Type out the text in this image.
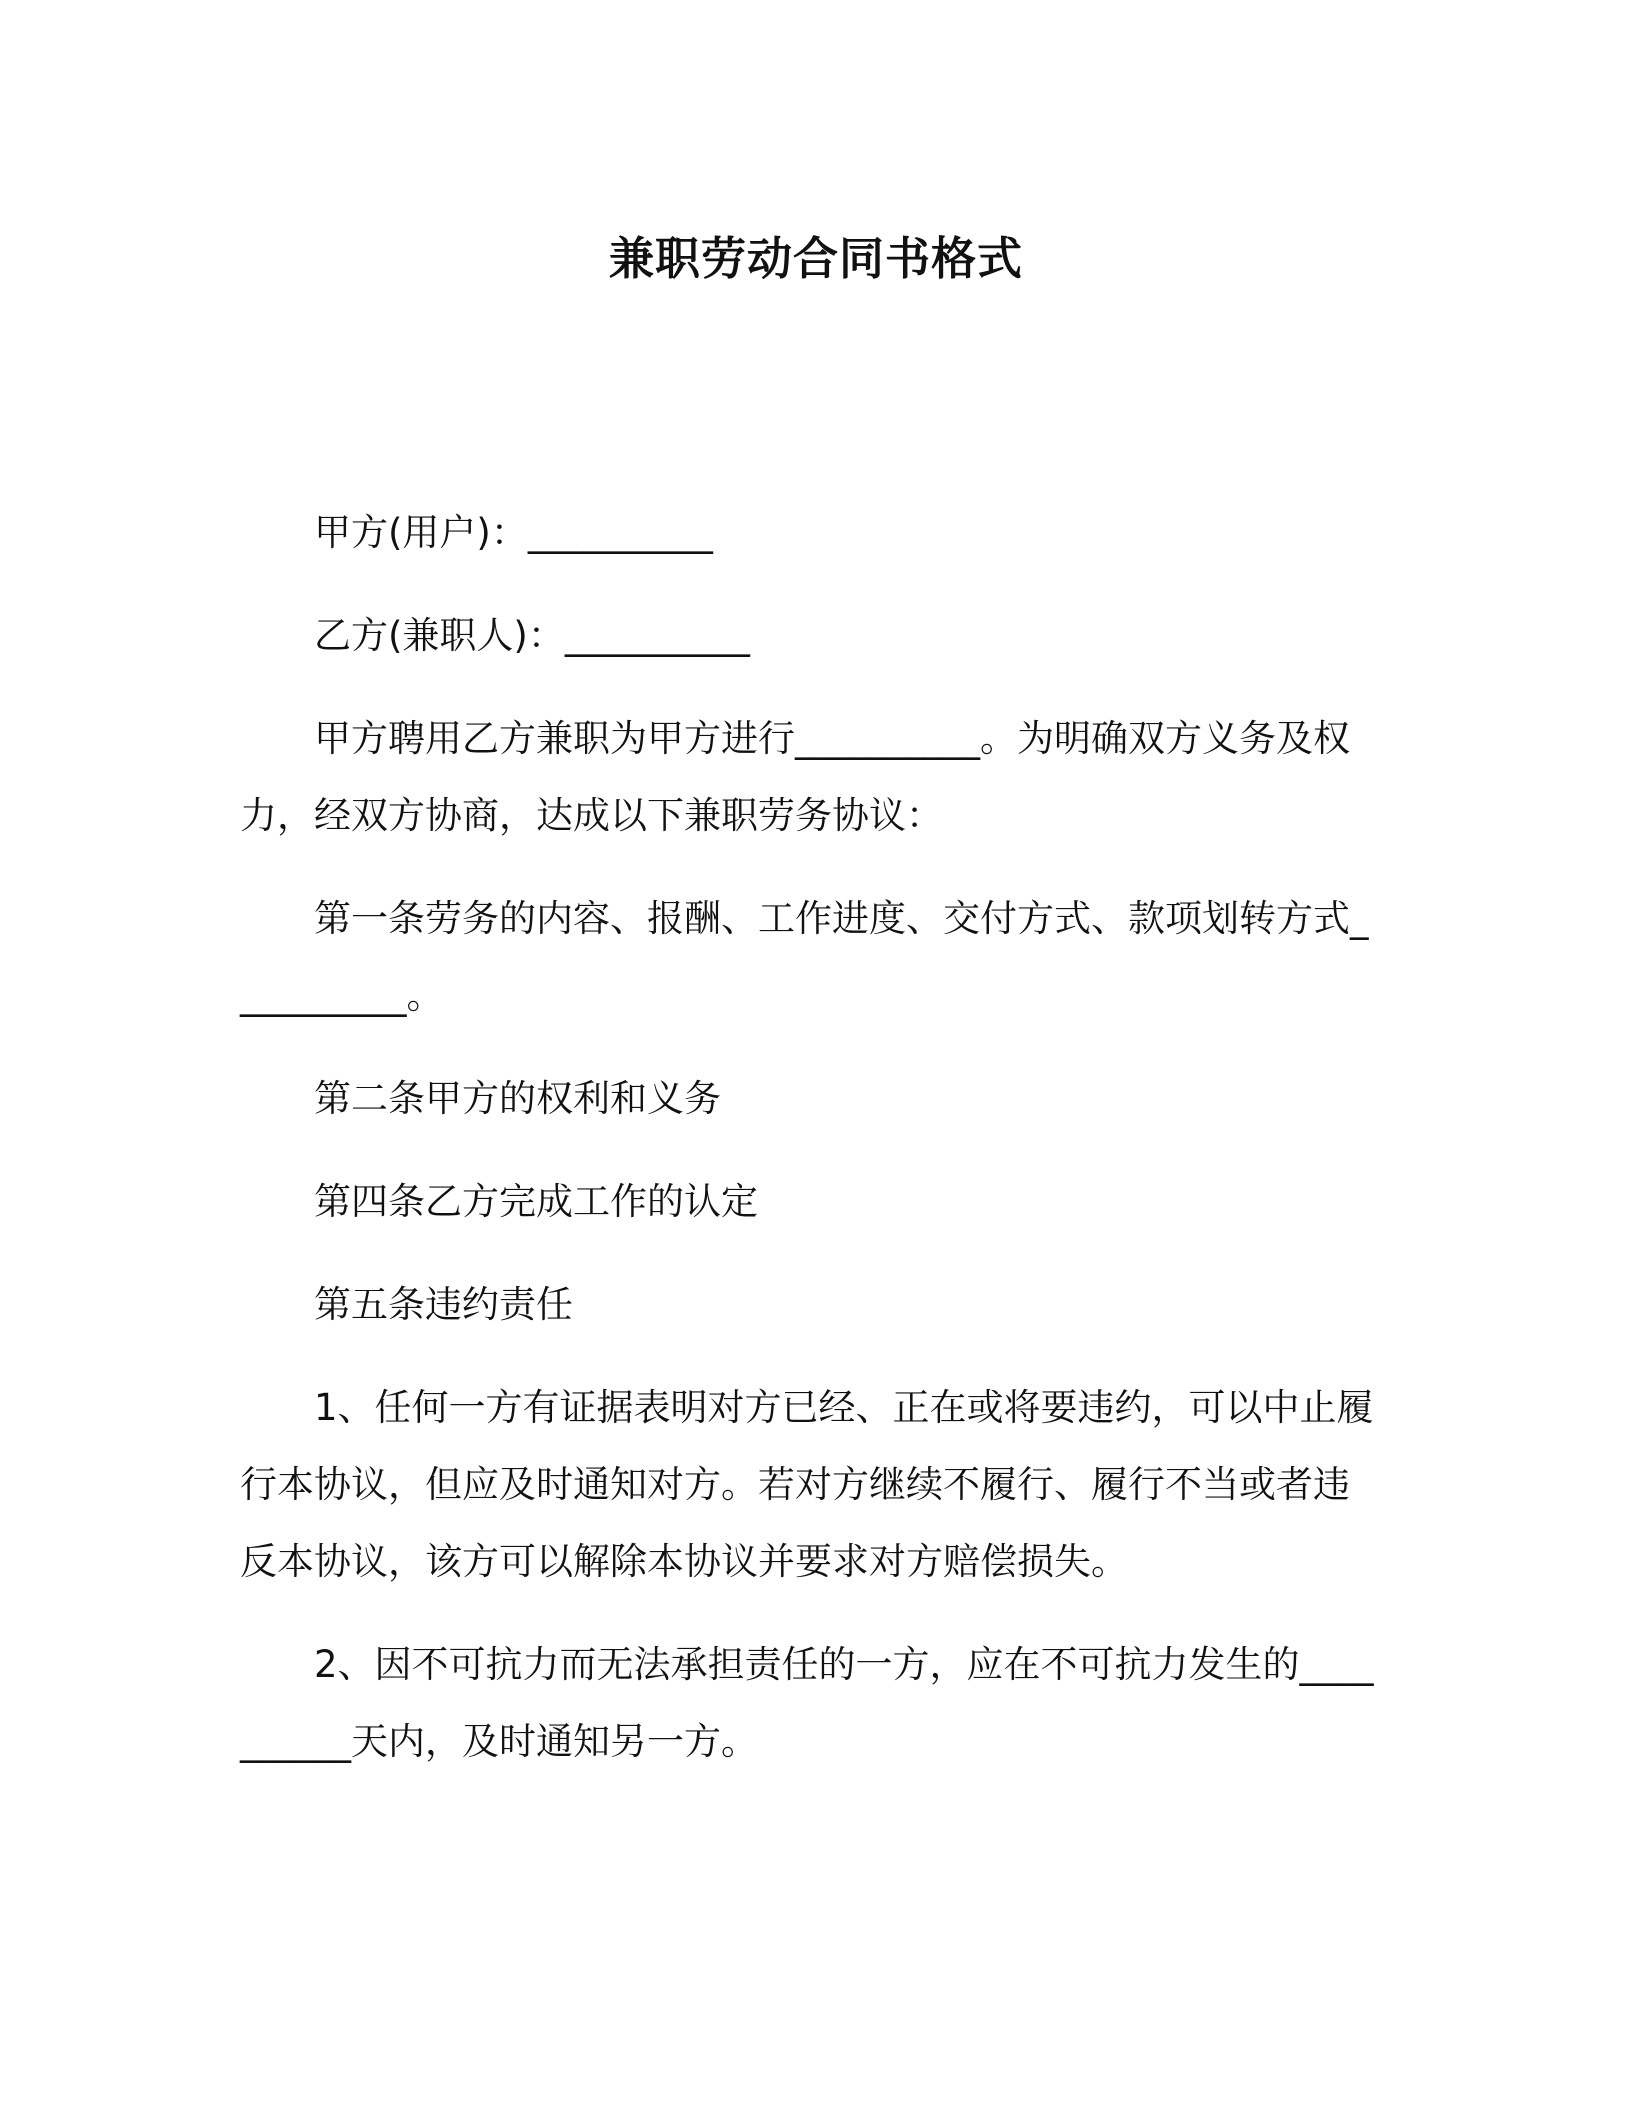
兼职劳动合同书格式

甲方(用户)：__________

乙方(兼职人)：__________

甲方聘用乙方兼职为甲方进行__________。为明确双方义务及权力，经双方协商，达成以下兼职劳务协议：

第一条劳务的内容、报酬、工作进度、交付方式、款项划转方式__________。

第二条甲方的权利和义务

第四条乙方完成工作的认定

第五条违约责任

1、任何一方有证据表明对方已经、正在或将要违约，可以中止履行本协议，但应及时通知对方。若对方继续不履行、履行不当或者违反本协议，该方可以解除本协议并要求对方赔偿损失。

2、因不可抗力而无法承担责任的一方，应在不可抗力发生的__________天内，及时通知另一方。
